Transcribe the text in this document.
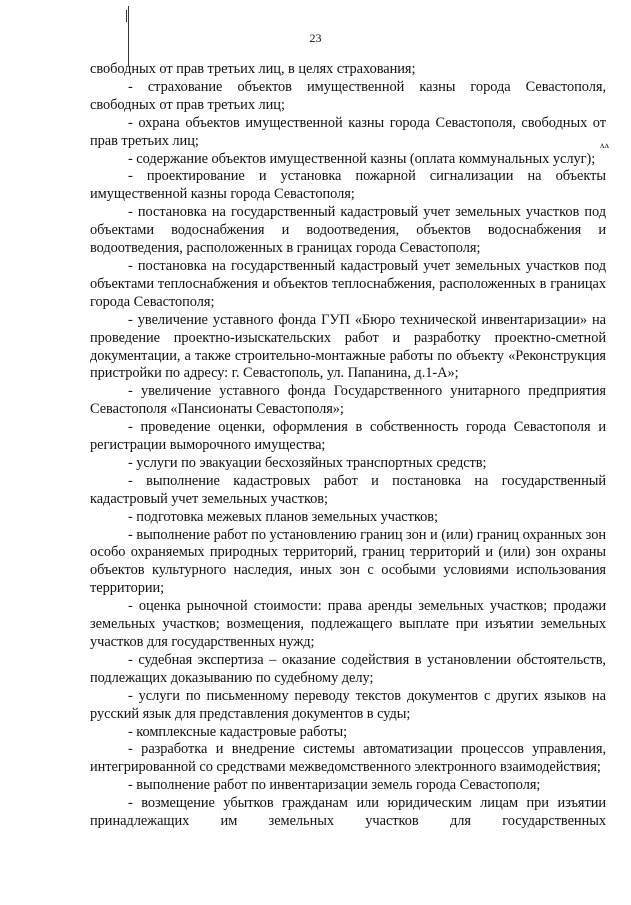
ʌʌ
23

свободных от прав третьих лиц, в целях страхования;

- страхование объектов имущественной казны города Севастополя, свободных от прав третьих лиц;

- охрана объектов имущественной казны города Севастополя, свободных от прав третьих лиц;

- содержание объектов имущественной казны (оплата коммунальных услуг);

- проектирование и установка пожарной сигнализации на объекты имущественной казны города Севастополя;

- постановка на государственный кадастровый учет земельных участков под объектами водоснабжения и водоотведения, объектов водоснабжения и водоотведения, расположенных в границах города Севастополя;

- постановка на государственный кадастровый учет земельных участков под объектами теплоснабжения и объектов теплоснабжения, расположенных в границах города Севастополя;

- увеличение уставного фонда ГУП «Бюро технической инвентаризации» на проведение проектно-изыскательских работ и разработку проектно-сметной документации, а также строительно-монтажные работы по объекту «Реконструкция пристройки по адресу: г. Севастополь, ул. Папанина, д.1-А»;

- увеличение уставного фонда Государственного унитарного предприятия Севастополя «Пансионаты Севастополя»;

- проведение оценки, оформления в собственность города Севастополя и регистрации выморочного имущества;

- услуги по эвакуации бесхозяйных транспортных средств;

- выполнение кадастровых работ и постановка на государственный кадастровый учет земельных участков;

- подготовка межевых планов земельных участков;

- выполнение работ по установлению границ зон и (или) границ охранных зон особо охраняемых природных территорий, границ территорий и (или) зон охраны объектов культурного наследия, иных зон с особыми условиями использования территории;

- оценка рыночной стоимости: права аренды земельных участков; продажи земельных участков; возмещения, подлежащего выплате при изъятии земельных участков для государственных нужд;

- судебная экспертиза – оказание содействия в установлении обстоятельств, подлежащих доказыванию по судебному делу;

- услуги по письменному переводу текстов документов с других языков на русский язык для представления документов в суды;

- комплексные кадастровые работы;

- разработка и внедрение системы автоматизации процессов управления, интегрированной со средствами межведомственного электронного взаимодействия;

- выполнение работ по инвентаризации земель города Севастополя;

- возмещение убытков гражданам или юридическим лицам при изъятии принадлежащих им земельных участков для государственных
